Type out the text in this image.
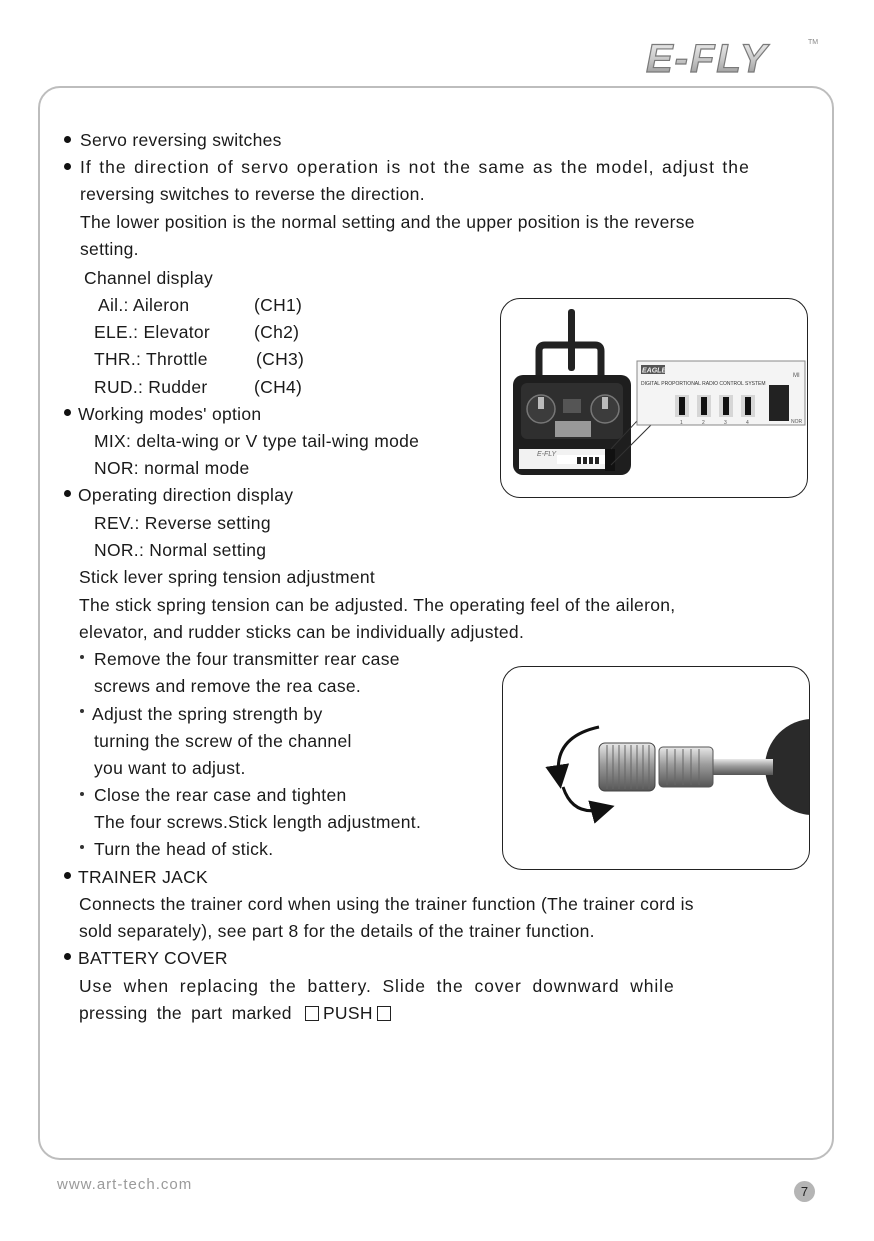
E-FLY	TM
Servo reversing switches
If the direction of servo operation is not the same as the model, adjust the
reversing switches to reverse the direction.
The lower position is the normal setting and the upper position is the reverse
setting.
Channel display
Ail.: Aileron	(CH1)
ELE.: Elevator	(Ch2)
THR.: Throttle	(CH3)
RUD.: Rudder	(CH4)
Working modes' option
MIX: delta-wing or V type tail-wing mode
NOR: normal mode
Operating direction display
REV.: Reverse setting
NOR.: Normal setting
Stick lever spring tension adjustment
The stick spring tension can be adjusted. The operating feel of the aileron,
elevator, and rudder sticks can be individually adjusted.
Remove the four transmitter rear case
screws and remove the rea case.
Adjust the spring strength by
turning the screw of the channel
you want to adjust.
Close the rear case and tighten
The four screws.Stick length adjustment.
Turn the head of stick.
TRAINER JACK
Connects the trainer cord when using the trainer function (The trainer cord is
sold separately), see part 8 for the details of the trainer function.
BATTERY COVER
Use when replacing the battery. Slide the cover downward while
pressing the part marked PUSH
E-FLY
EAGLE
DIGITAL PROPORTIONAL RADIO CONTROL SYSTEM
MI
NOR
1	2	3	4
www.art-tech.com	7
